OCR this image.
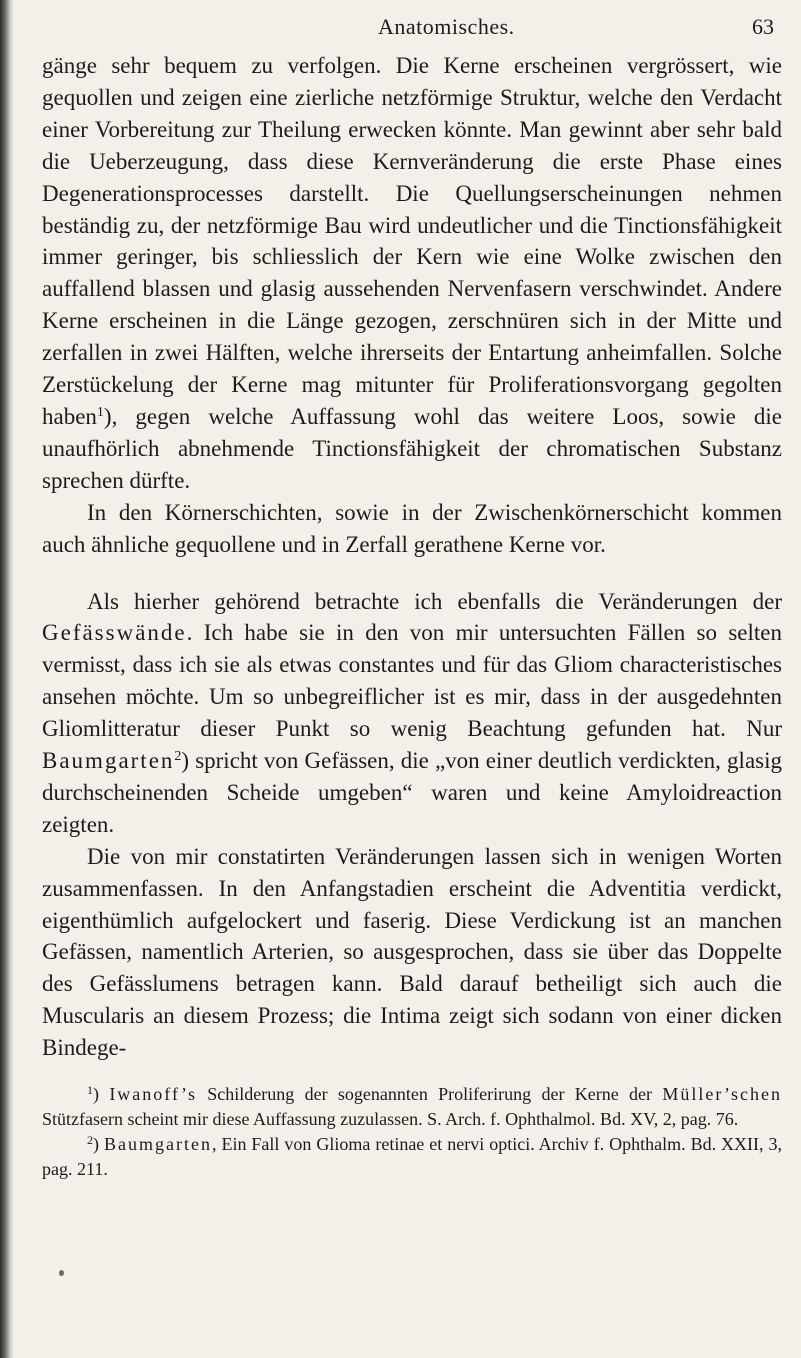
Anatomisches.	63

gänge sehr bequem zu verfolgen. Die Kerne erscheinen vergrössert, wie gequollen und zeigen eine zierliche netzförmige Struktur, welche den Verdacht einer Vorbereitung zur Theilung erwecken könnte. Man gewinnt aber sehr bald die Ueberzeugung, dass diese Kernveränderung die erste Phase eines Degenerationsprocesses darstellt. Die Quellungserscheinungen nehmen beständig zu, der netzförmige Bau wird undeutlicher und die Tinctionsfähigkeit immer geringer, bis schliesslich der Kern wie eine Wolke zwischen den auffallend blassen und glasig aussehenden Nervenfasern verschwindet. Andere Kerne erscheinen in die Länge gezogen, zerschnüren sich in der Mitte und zerfallen in zwei Hälften, welche ihrerseits der Entartung anheimfallen. Solche Zerstückelung der Kerne mag mitunter für Proliferationsvorgang gegolten haben$^1$), gegen welche Auffassung wohl das weitere Loos, sowie die unaufhörlich abnehmende Tinctionsfähigkeit der chromatischen Substanz sprechen dürfte.

In den Körnerschichten, sowie in der Zwischenkörnerschicht kommen auch ähnliche gequollene und in Zerfall gerathene Kerne vor.

Als hierher gehörend betrachte ich ebenfalls die Veränderungen der Gefässwände. Ich habe sie in den von mir untersuchten Fällen so selten vermisst, dass ich sie als etwas constantes und für das Gliom characteristisches ansehen möchte. Um so unbegreiflicher ist es mir, dass in der ausgedehnten Gliomlitteratur dieser Punkt so wenig Beachtung gefunden hat. Nur Baumgarten$^2$) spricht von Gefässen, die „von einer deutlich verdickten, glasig durchscheinenden Scheide umgeben“ waren und keine Amyloidreaction zeigten.

Die von mir constatirten Veränderungen lassen sich in wenigen Worten zusammenfassen. In den Anfangstadien erscheint die Adventitia verdickt, eigenthümlich aufgelockert und faserig. Diese Verdickung ist an manchen Gefässen, namentlich Arterien, so ausgesprochen, dass sie über das Doppelte des Gefässlumens betragen kann. Bald darauf betheiligt sich auch die Muscularis an diesem Prozess; die Intima zeigt sich sodann von einer dicken Bindege-

$^1$) Iwanoff’s Schilderung der sogenannten Proliferirung der Kerne der Müller’schen Stützfasern scheint mir diese Auffassung zuzulassen. S. Arch. f. Ophthalmol. Bd. XV, 2, pag. 76.

$^2$) Baumgarten, Ein Fall von Glioma retinae et nervi optici. Archiv f. Ophthalm. Bd. XXII, 3, pag. 211.
